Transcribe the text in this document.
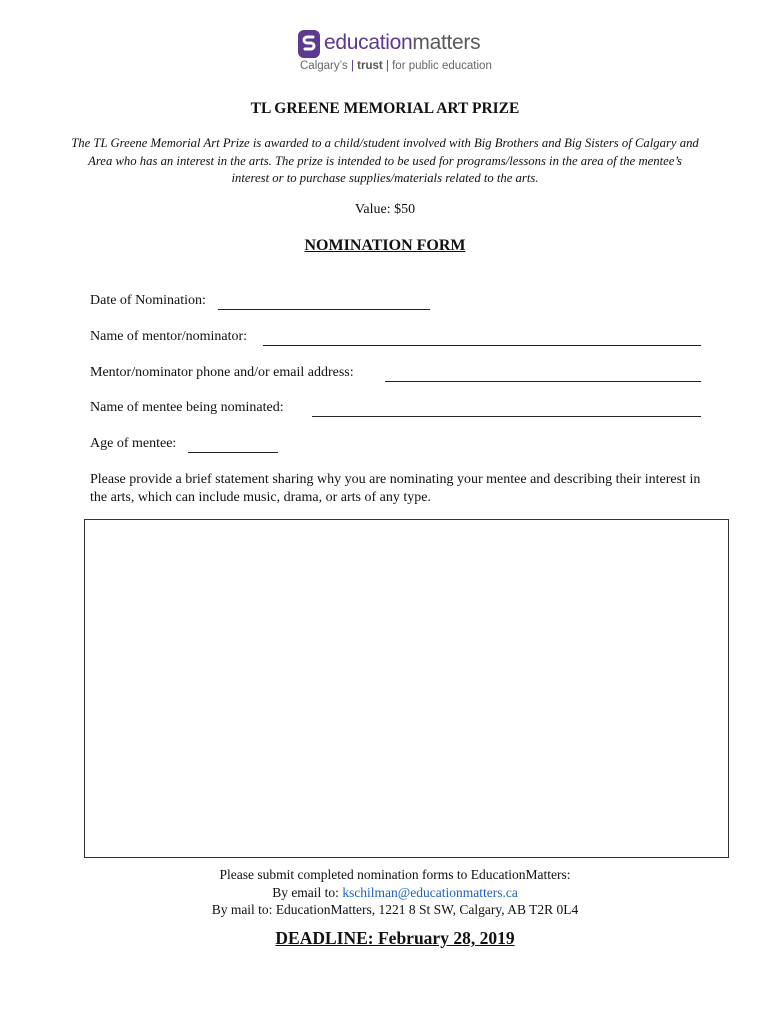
educationmatters
Calgary’s | trust | for public education
TL GREENE MEMORIAL ART PRIZE
The TL Greene Memorial Art Prize is awarded to a child/student involved with Big Brothers and Big Sisters of Calgary and Area who has an interest in the arts. The prize is intended to be used for programs/lessons in the area of the mentee’s interest or to purchase supplies/materials related to the arts.
Value: $50
NOMINATION FORM
Date of Nomination:
Name of mentor/nominator:
Mentor/nominator phone and/or email address:
Name of mentee being nominated:
Age of mentee:
Please provide a brief statement sharing why you are nominating your mentee and describing their interest in the arts, which can include music, drama, or arts of any type.
Please submit completed nomination forms to EducationMatters:
By email to: kschilman@educationmatters.ca
By mail to: EducationMatters, 1221 8 St SW, Calgary, AB T2R 0L4
DEADLINE: February 28, 2019
